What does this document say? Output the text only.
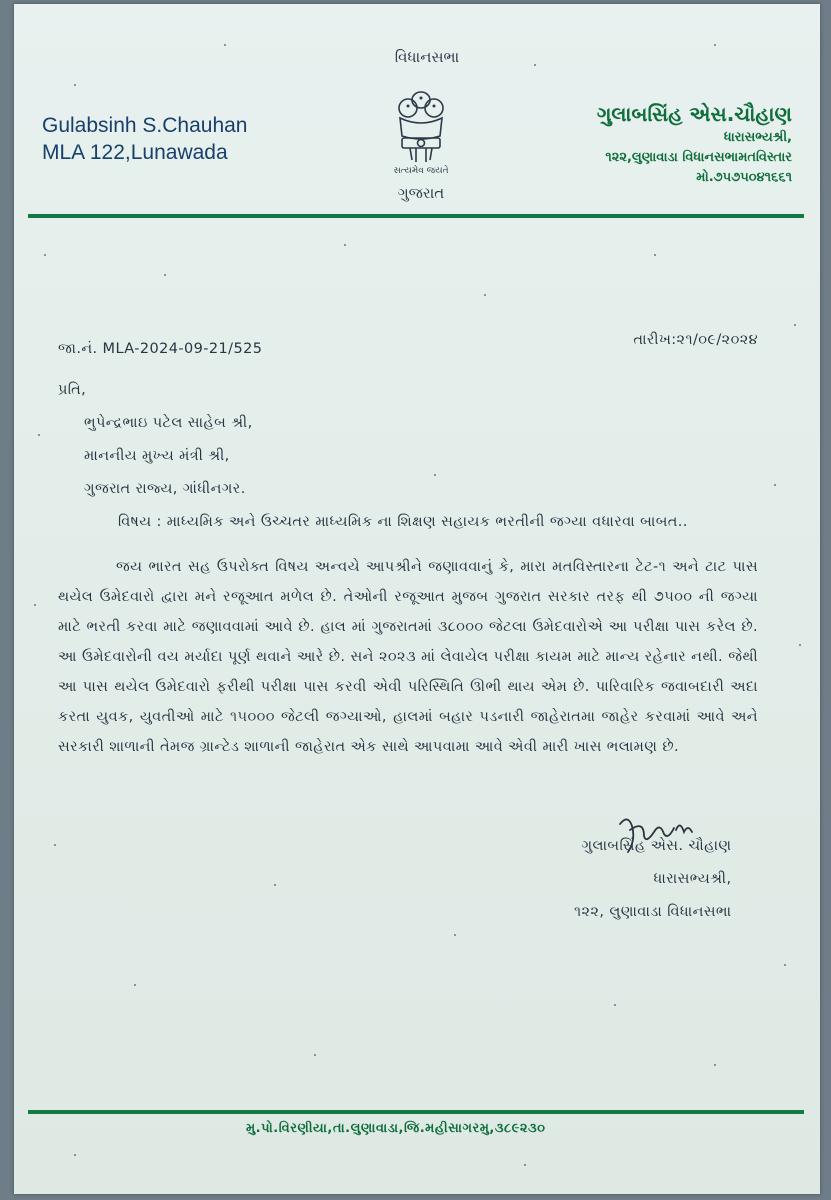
Gulabsinh S.Chauhan
MLA 122,Lunawada
વિધાનસભા
સત્યમેવ જયતે
ગુજરાત
ગુલાબસિંહ એસ.ચૌહાણ
ધારાસભ્યશ્રી,
૧૨૨,લુણાવાડા વિધાનસભામતવિસ્તાર
મો.૭૫૭૫૦૪૧૬૬૧
જા.નં. MLA-2024-09-21/525
તારીખ:૨૧/૦૯/૨૦૨૪
પ્રતિ,
ભુપેન્દ્રભાઇ પટેલ સાહેબ શ્રી,
માનનીય મુખ્ય મંત્રી શ્રી,
ગુજરાત રાજ્ય, ગાંધીનગર.
વિષય : માધ્યમિક અને ઉચ્ચતર માધ્યમિક ના શિક્ષણ સહાયક ભરતીની જગ્યા વધારવા બાબત..
જય ભારત સહ ઉપરોક્ત વિષય અન્વયે આપશ્રીને જણાવવાનું કે, મારા મતવિસ્તારના ટેટ-૧ અને ટાટ પાસ થયેલ ઉમેદવારો દ્વારા મને રજૂઆત મળેલ છે. તેઓની રજૂઆત મુજબ ગુજરાત સરકાર તરફ થી ૭૫૦૦ ની જગ્યા માટે ભરતી કરવા માટે જણાવવામાં આવે છે. હાલ માં ગુજરાતમાં ૩૮૦૦૦ જેટલા ઉમેદવારોએ આ પરીક્ષા પાસ કરેલ છે. આ ઉમેદવારોની વય મર્યાદા પૂર્ણ થવાને આરે છે. સને ૨૦૨૩ માં લેવાયેલ પરીક્ષા કાયમ માટે માન્ય રહેનાર નથી. જેથી આ પાસ થયેલ ઉમેદવારો ફરીથી પરીક્ષા પાસ કરવી એવી પરિસ્થિતિ ઊભી થાય એમ છે. પારિવારિક જવાબદારી અદા કરતા યુવક, યુવતીઓ માટે ૧૫૦૦૦ જેટલી જગ્યાઓ, હાલમાં બહાર પડનારી જાહેરાતમા જાહેર કરવામાં આવે અને સરકારી શાળાની તેમજ ગ્રાન્ટેડ શાળાની જાહેરાત એક સાથે આપવામા આવે એવી મારી ખાસ ભલામણ છે.
ગુલાબસિંહ એસ. ચૌહાણ
ધારાસભ્યશ્રી,
૧૨૨, લુણાવાડા વિધાનસભા
મુ.પો.વિરણીયા,તા.લુણાવાડા,જિ.મહીસાગરમુ,૩૮૯૨૩૦
